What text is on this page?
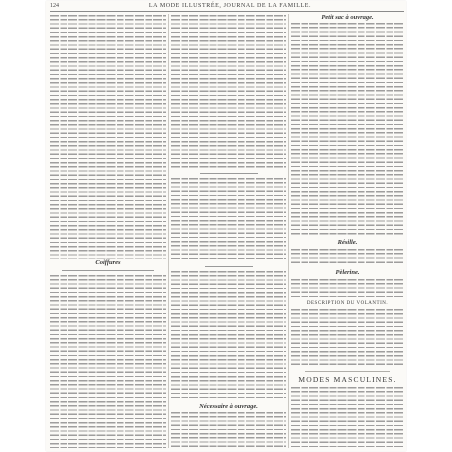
124	LA MODE ILLUSTRÉE, JOURNAL DE LA FAMILLE.
Coiffures
Nécessaire à ouvrage.
Petit sac à ouvrage.
Résille.
Pèlerine.
DESCRIPTION DU VOLANTIN.
MODES MASCULINES.
